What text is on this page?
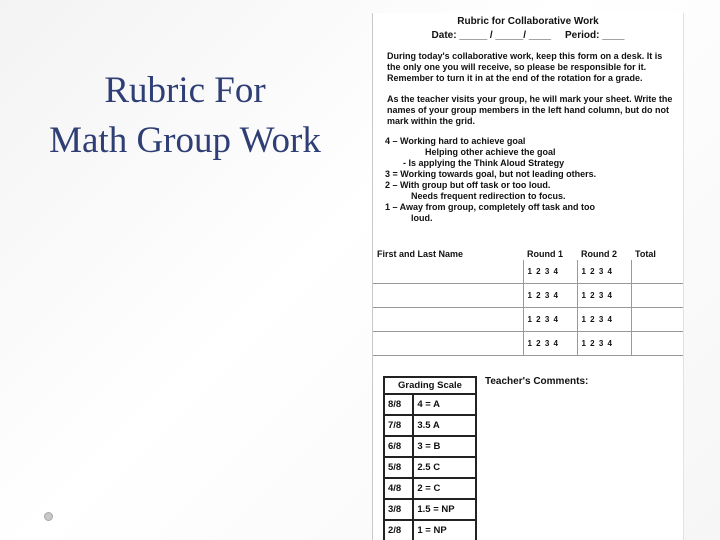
Rubric For
Math Group Work
Rubric for Collaborative Work
Date: _____ / _____/ ____     Period: ____
During today's collaborative work, keep this form on a desk. It is the only one you will receive, so please be responsible for it. Remember to turn it in at the end of the rotation for a grade.
As the teacher visits your group, he will mark your sheet. Write the names of your group members in the left hand column, but do not mark within the grid.
4 – Working hard to achieve goal
Helping other achieve the goal
- Is applying the Think Aloud Strategy
3 = Working towards goal, but not leading others.
2 – With group but off task or too loud.
Needs frequent redirection to focus.
1 – Away from group, completely off task and too
loud.
First and Last Name	Round 1	Round 2	Total
	1 2 3 4	1 2 3 4	
	1 2 3 4	1 2 3 4	
	1 2 3 4	1 2 3 4	
	1 2 3 4	1 2 3 4	
Grading Scale	
8/8	4 = A
7/8	3.5 A
6/8	3 = B
5/8	2.5 C
4/8	2 = C
3/8	1.5 = NP
2/8	1 = NP
Teacher's Comments:
